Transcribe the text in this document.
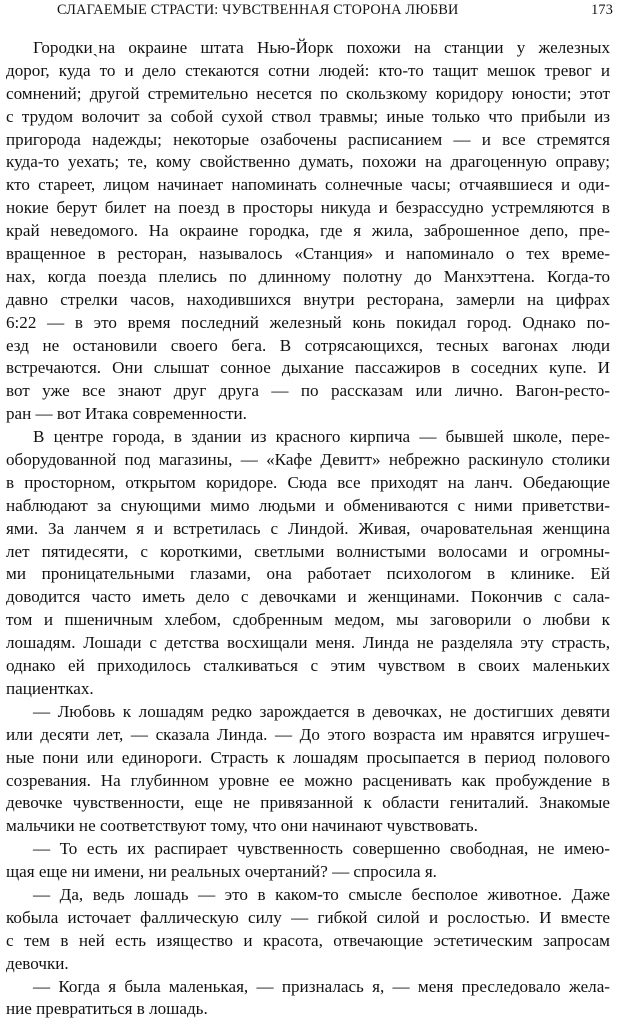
СЛАГАЕМЫЕ СТРАСТИ: ЧУВСТВЕННАЯ СТОРОНА ЛЮБВИ	173
Городкиˎна окраине штата Нью-Йорк похожи на станции у железных
дорог, куда то и дело стекаются сотни людей: кто-то тащит мешок тревог и
сомнений; другой стремительно несется по скользкому коридору юности; этот
с трудом волочит за собой сухой ствол травмы; иные только что прибыли из
пригорода надежды; некоторые озабочены расписанием — и все стремятся
куда-то уехать; те, кому свойственно думать, похожи на драгоценную оправу;
кто стареет, лицом начинает напоминать солнечные часы; отчаявшиеся и оди-
нокие берут билет на поезд в просторы никуда и безрассудно устремляются в
край неведомого. На окраине городка, где я жила, заброшенное депо, пре-
вращенное в ресторан, называлось «Станция» и напоминало о тех време-
нах, когда поезда плелись по длинному полотну до Манхэттена. Когда-то
давно стрелки часов, находившихся внутри ресторана, замерли на цифрах
6:22 — в это время последний железный конь покидал город. Однако по-
езд не остановили своего бега. В сотрясающихся, тесных вагонах люди
встречаются. Они слышат сонное дыхание пассажиров в соседних купе. И
вот уже все знают друг друга — по рассказам или лично. Вагон-ресто-
ран — вот Итака современности.
В центре города, в здании из красного кирпича — бывшей школе, пере-
оборудованной под магазины, — «Кафе Девитт» небрежно раскинуло столики
в просторном, открытом коридоре. Сюда все приходят на ланч. Обедающие
наблюдают за снующими мимо людьми и обмениваются с ними приветстви-
ями. За ланчем я и встретилась с Линдой. Живая, очаровательная женщина
лет пятидесяти, с короткими, светлыми волнистыми волосами и огромны-
ми проницательными глазами, она работает психологом в клинике. Ей
доводится часто иметь дело с девочками и женщинами. Покончив с сала-
том и пшеничным хлебом, сдобренным медом, мы заговорили о любви к
лошадям. Лошади с детства восхищали меня. Линда не разделяла эту страсть,
однако ей приходилось сталкиваться с этим чувством в своих маленьких
пациентках.
— Любовь к лошадям редко зарождается в девочках, не достигших девяти
или десяти лет, — сказала Линда. — До этого возраста им нравятся игрушеч-
ные пони или единороги. Страсть к лошадям просыпается в период полового
созревания. На глубинном уровне ее можно расценивать как пробуждение в
девочке чувственности, еще не привязанной к области гениталий. Знакомые
мальчики не соответствуют тому, что они начинают чувствовать.
— То есть их распирает чувственность совершенно свободная, не имею-
щая еще ни имени, ни реальных очертаний? — спросила я.
— Да, ведь лошадь — это в каком-то смысле бесполое животное. Даже
кобыла источает фаллическую силу — гибкой силой и рослостью. И вместе
с тем в ней есть изящество и красота, отвечающие эстетическим запросам
девочки.
— Когда я была маленькая, — призналась я, — меня преследовало жела-
ние превратиться в лошадь.
